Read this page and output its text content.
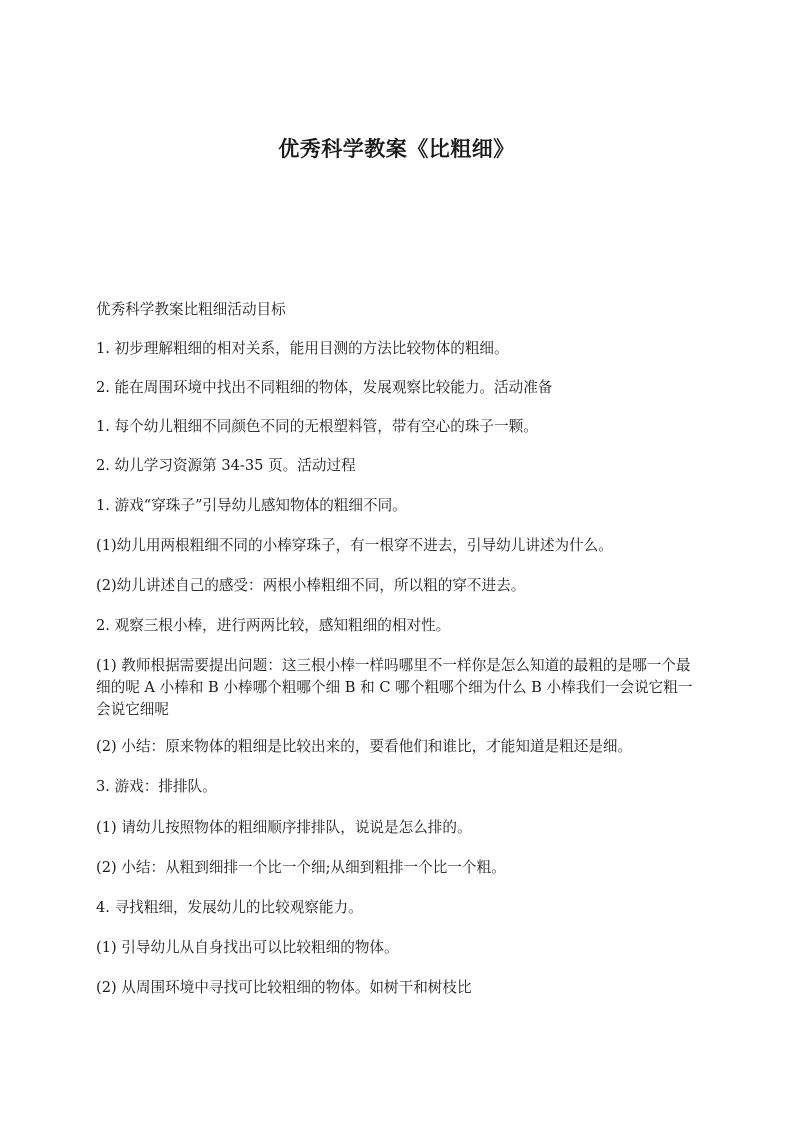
优秀科学教案《比粗细》

优秀科学教案比粗细活动目标

1. 初步理解粗细的相对关系，能用目测的方法比较物体的粗细。

2. 能在周围环境中找出不同粗细的物体，发展观察比较能力。活动准备

1. 每个幼儿粗细不同颜色不同的无根塑料管，带有空心的珠子一颗。

2. 幼儿学习资源第 34-35 页。活动过程

1. 游戏“穿珠子”引导幼儿感知物体的粗细不同。

(1)幼儿用两根粗细不同的小棒穿珠子，有一根穿不进去，引导幼儿讲述为什么。

(2)幼儿讲述自己的感受：两根小棒粗细不同，所以粗的穿不进去。

2. 观察三根小棒，进行两两比较，感知粗细的相对性。

(1) 教师根据需要提出问题：这三根小棒一样吗哪里不一样你是怎么知道的最粗的是哪一个最细的呢 A 小棒和 B 小棒哪个粗哪个细 B 和 C 哪个粗哪个细为什么 B 小棒我们一会说它粗一会说它细呢

(2) 小结：原来物体的粗细是比较出来的，要看他们和谁比，才能知道是粗还是细。

3. 游戏：排排队。

(1) 请幼儿按照物体的粗细顺序排排队，说说是怎么排的。

(2) 小结：从粗到细排一个比一个细;从细到粗排一个比一个粗。

4. 寻找粗细，发展幼儿的比较观察能力。

(1) 引导幼儿从自身找出可以比较粗细的物体。

(2) 从周围环境中寻找可比较粗细的物体。如树干和树枝比
